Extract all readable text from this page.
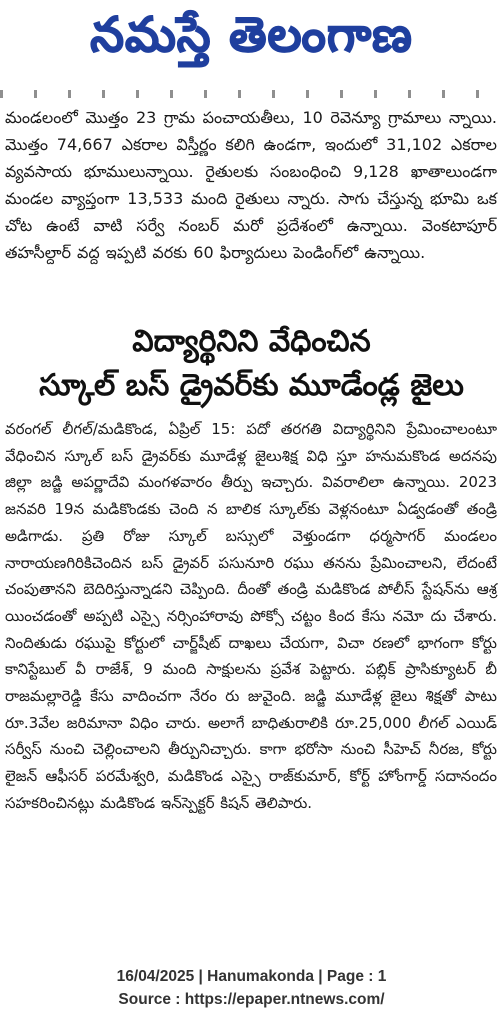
నమస్తే తెలంగాణ

మండలంలో మొత్తం 23 గ్రామ పంచాయతీలు, 10 రెవెన్యూ గ్రామాలు న్నాయి. మొత్తం 74,667 ఎకరాల విస్తీర్ణం కలిగి ఉండగా, ఇందులో 31,102 ఎకరాల వ్యవసాయ భూములున్నాయి. రైతులకు సంబంధించి 9,128 ఖాతాలుండగా మండల వ్యాప్తంగా 13,533 మంది రైతులు న్నారు. సాగు చేస్తున్న భూమి ఒక చోట ఉంటే వాటి సర్వే నంబర్ మరో ప్రదేశంలో ఉన్నాయి. వెంకటాపూర్ తహసీల్దార్ వద్ద ఇప్పటి వరకు 60 ఫిర్యాదులు పెండింగ్‌లో ఉన్నాయి.

విద్యార్థినిని వేధించిన
స్కూల్ బస్ డ్రైవర్‌కు మూడేండ్ల జైలు

వరంగల్ లీగల్/మడికొండ, ఏప్రిల్ 15: పదో తరగతి విద్యార్థినిని ప్రేమించాలంటూ వేధించిన స్కూల్ బస్ డ్రైవర్‌కు మూడేళ్ల జైలుశిక్ష విధి స్తూ హనుమకొండ అదనపు జిల్లా జడ్జి అపర్ణాదేవి మంగళవారం తీర్పు ఇచ్చారు. వివరాలిలా ఉన్నాయి. 2023 జనవరి 19న మడికొండకు చెంది న బాలిక స్కూల్‌కు వెళ్లనంటూ ఏడ్వడంతో తండ్రి అడిగాడు. ప్రతి రోజు స్కూల్ బస్సులో వెళ్తుండగా ధర్మసాగర్ మండలం నారాయణగిరికిచెందిన బస్ డ్రైవర్ పసునూరి రఘు తనను ప్రేమించాలని, లేదంటే చంపుతానని బెదిరిస్తున్నాడని చెప్పింది. దీంతో తండ్రి మడికొండ పోలీస్ స్టేషన్‌ను ఆశ్ర యించడంతో అప్పటి ఎస్సై నర్సింహారావు పోక్సో చట్టం కింద కేసు నమో దు చేశారు. నిందితుడు రఘుపై కోర్టులో చార్జ్‌షీట్ దాఖలు చేయగా, విచా రణలో భాగంగా కోర్టు కానిస్టేబుల్ వీ రాజేశ్, 9 మంది సాక్షులను ప్రవేశ పెట్టారు. పబ్లిక్ ప్రాసిక్యూటర్ బీ రాజమల్లారెడ్డి కేసు వాదించగా నేరం రు జువైంది. జడ్జి మూడేళ్ల జైలు శిక్షతో పాటు రూ.3వేల జరిమానా విధిం చారు. అలాగే బాధితురాలికి రూ.25,000 లీగల్ ఎయిడ్ సర్వీస్ నుంచి చెల్లించాలని తీర్పునిచ్చారు. కాగా భరోసా నుంచి సీహెచ్ నీరజ, కోర్టు లైజన్ ఆఫీసర్ పరమేశ్వరి, మడికొండ ఎస్సై రాజ్‌కుమార్, కోర్ట్ హోంగార్డ్ సదానందం సహకరించినట్లు మడికొండ ఇన్‌స్పెక్టర్ కిషన్ తెలిపారు.

16/04/2025 | Hanumakonda | Page : 1
Source : https://epaper.ntnews.com/
